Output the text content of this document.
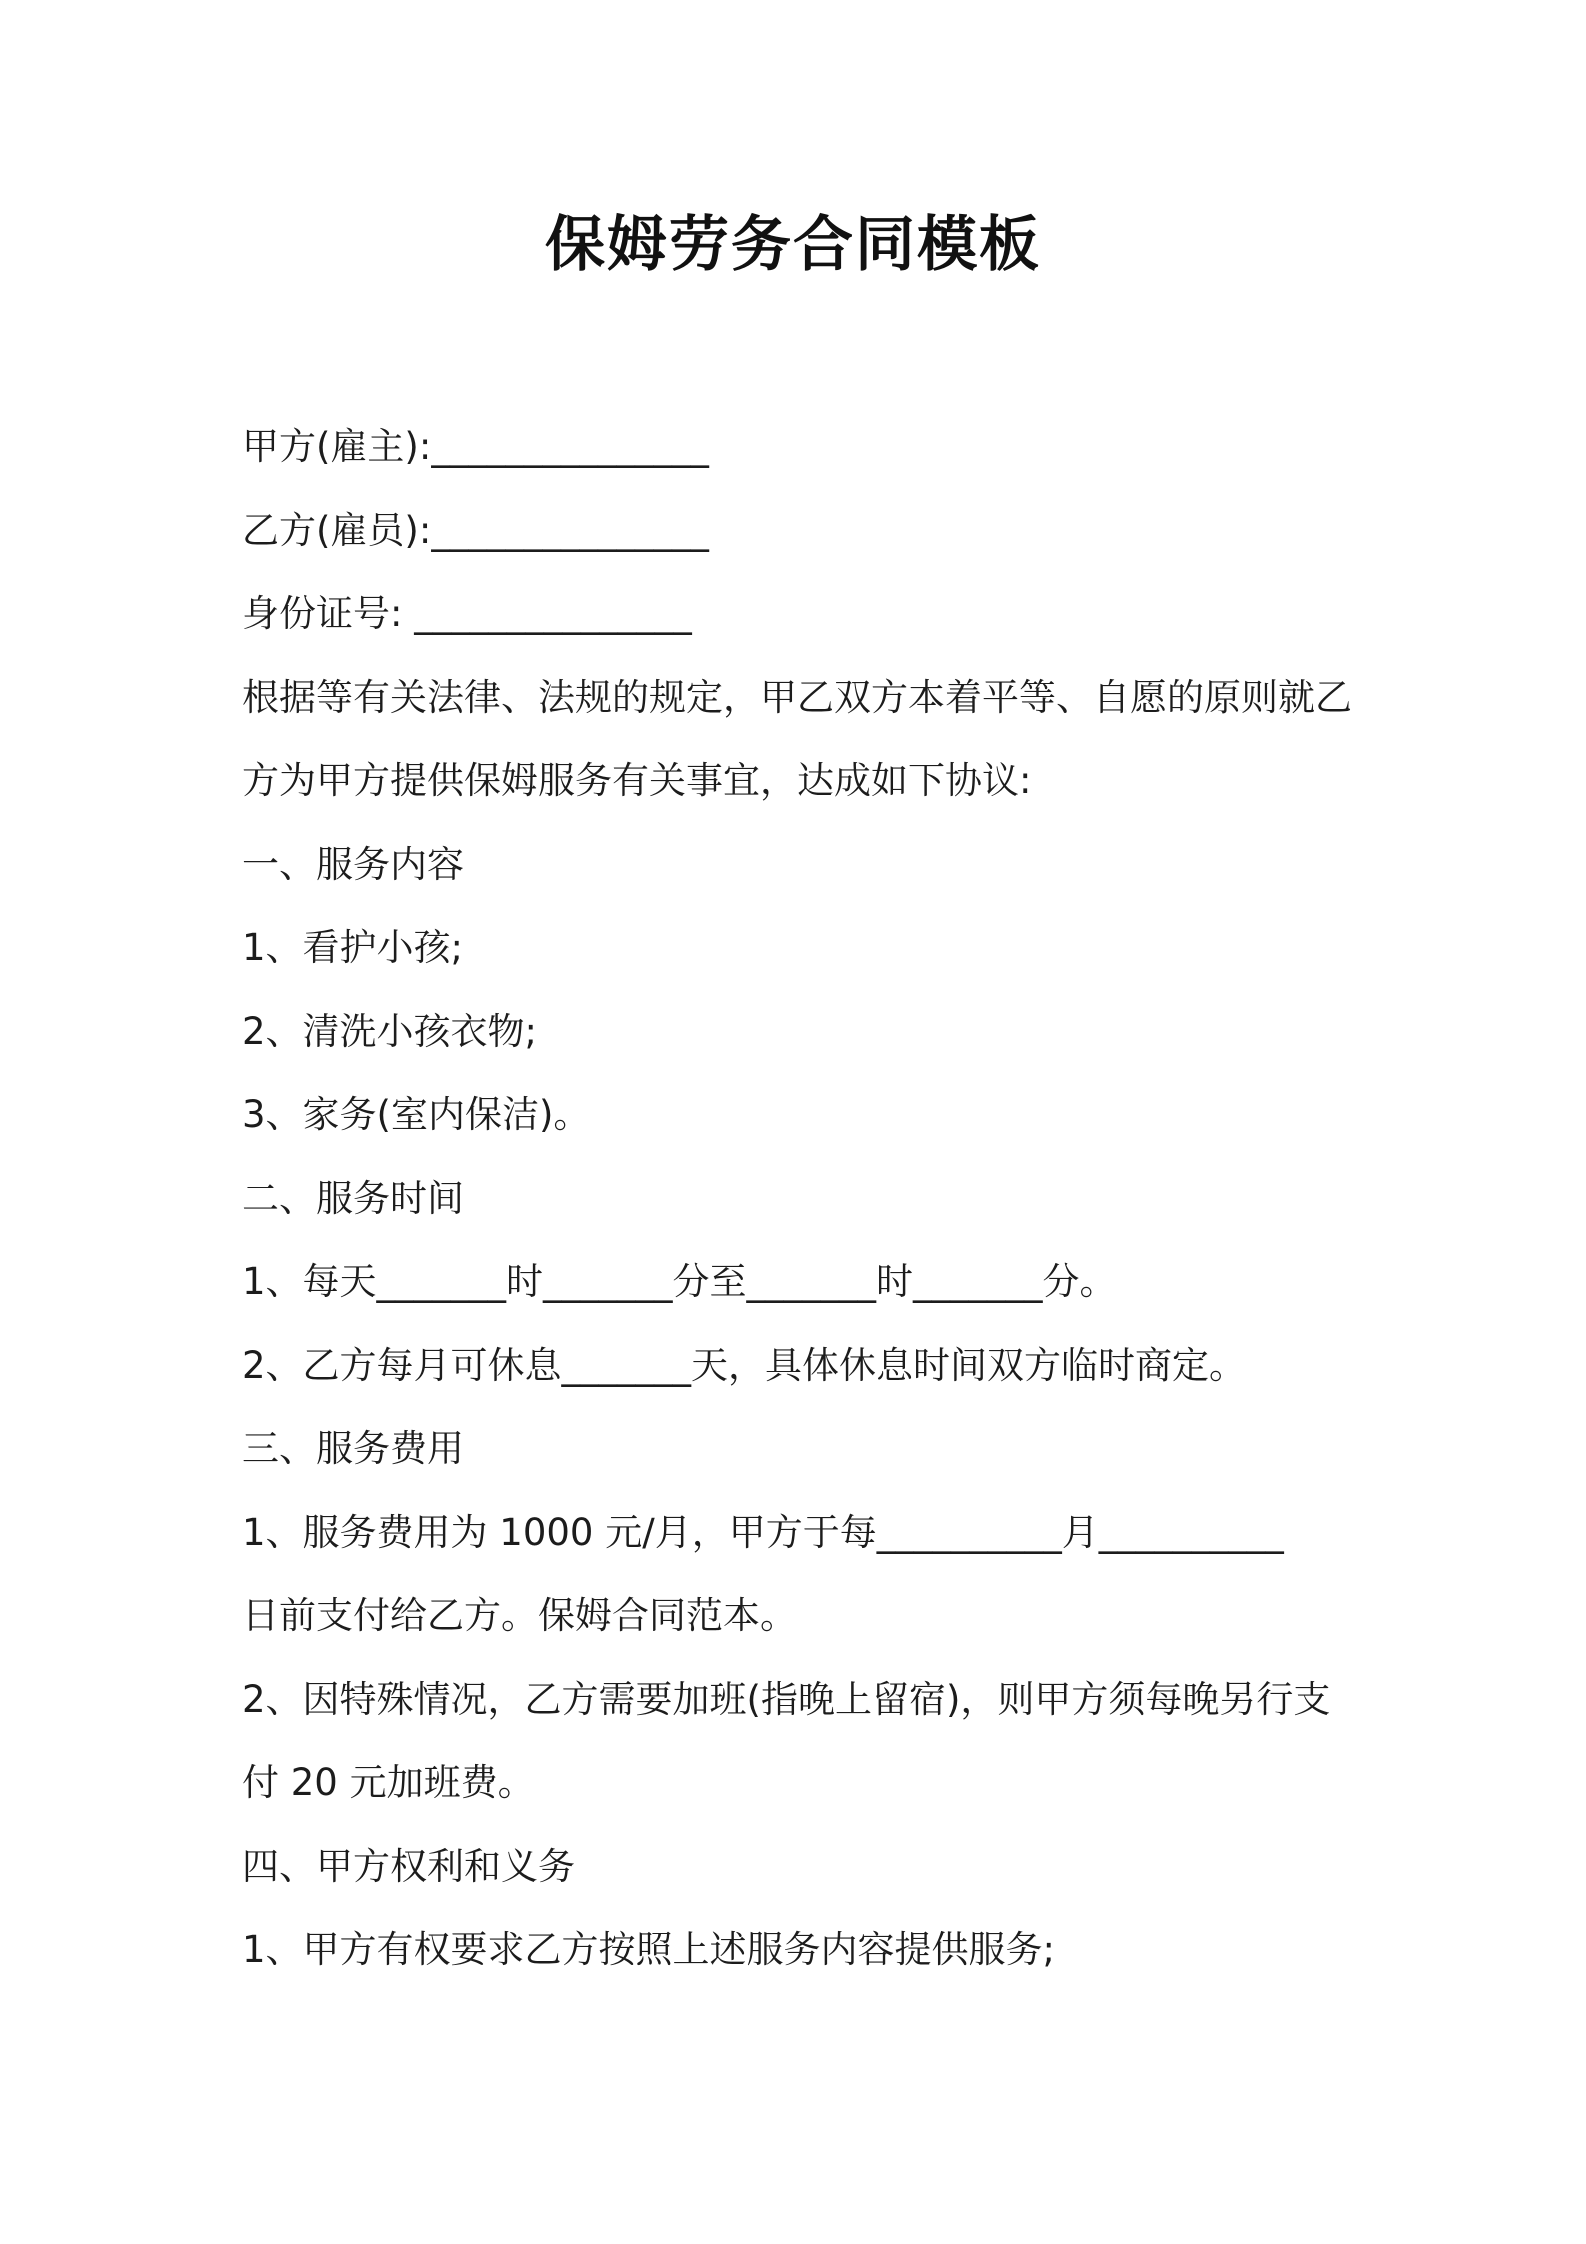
保姆劳务合同模板
甲方(雇主):_______________
乙方(雇员):_______________
身份证号: _______________
根据等有关法律、法规的规定，甲乙双方本着平等、自愿的原则就乙
方为甲方提供保姆服务有关事宜，达成如下协议:
一、服务内容
1、看护小孩;
2、清洗小孩衣物;
3、家务(室内保洁)。
二、服务时间
1、每天_______时_______分至_______时_______分。
2、乙方每月可休息_______天，具体休息时间双方临时商定。
三、服务费用
1、服务费用为 1000 元/月，甲方于每__________月__________
日前支付给乙方。保姆合同范本。
2、因特殊情况，乙方需要加班(指晚上留宿)，则甲方须每晚另行支
付 20 元加班费。
四、甲方权利和义务
1、甲方有权要求乙方按照上述服务内容提供服务;
